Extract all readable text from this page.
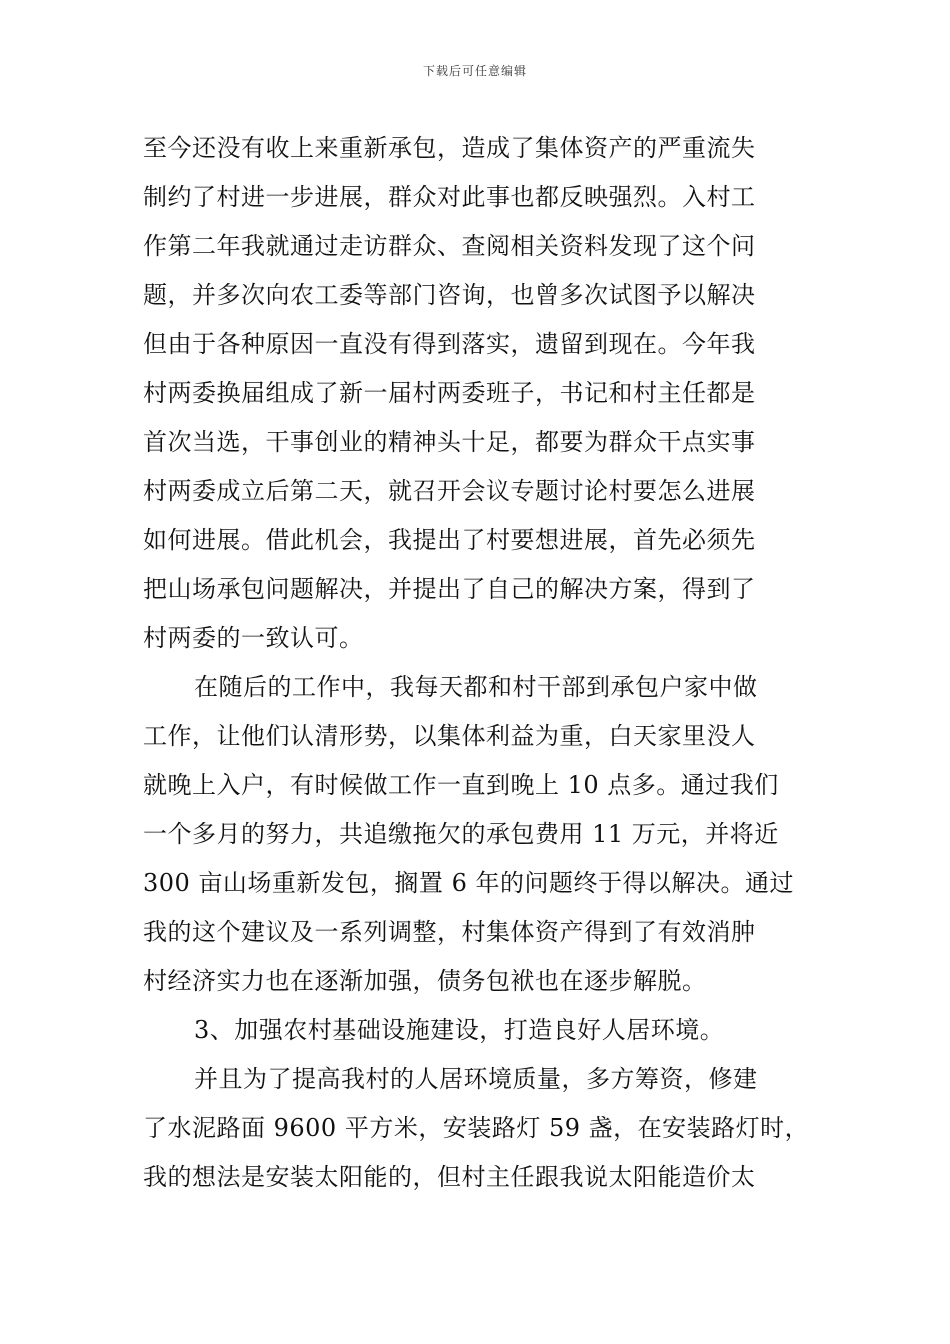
下载后可任意编辑
至今还没有收上来重新承包，造成了集体资产的严重流失
制约了村进一步进展，群众对此事也都反映强烈。入村工
作第二年我就通过走访群众、查阅相关资料发现了这个问
题，并多次向农工委等部门咨询，也曾多次试图予以解决
但由于各种原因一直没有得到落实，遗留到现在。今年我
村两委换届组成了新一届村两委班子，书记和村主任都是
首次当选，干事创业的精神头十足，都要为群众干点实事
村两委成立后第二天，就召开会议专题讨论村要怎么进展
如何进展。借此机会，我提出了村要想进展，首先必须先
把山场承包问题解决，并提出了自己的解决方案，得到了
村两委的一致认可。
在随后的工作中，我每天都和村干部到承包户家中做
工作，让他们认清形势，以集体利益为重，白天家里没人
就晚上入户，有时候做工作一直到晚上 10 点多。通过我们
一个多月的努力，共追缴拖欠的承包费用 11 万元，并将近
300 亩山场重新发包，搁置 6 年的问题终于得以解决。通过
我的这个建议及一系列调整，村集体资产得到了有效消肿
村经济实力也在逐渐加强，债务包袱也在逐步解脱。
3、加强农村基础设施建设，打造良好人居环境。
并且为了提高我村的人居环境质量，多方筹资，修建
了水泥路面 9600 平方米，安装路灯 59 盏，在安装路灯时，
我的想法是安装太阳能的，但村主任跟我说太阳能造价太
